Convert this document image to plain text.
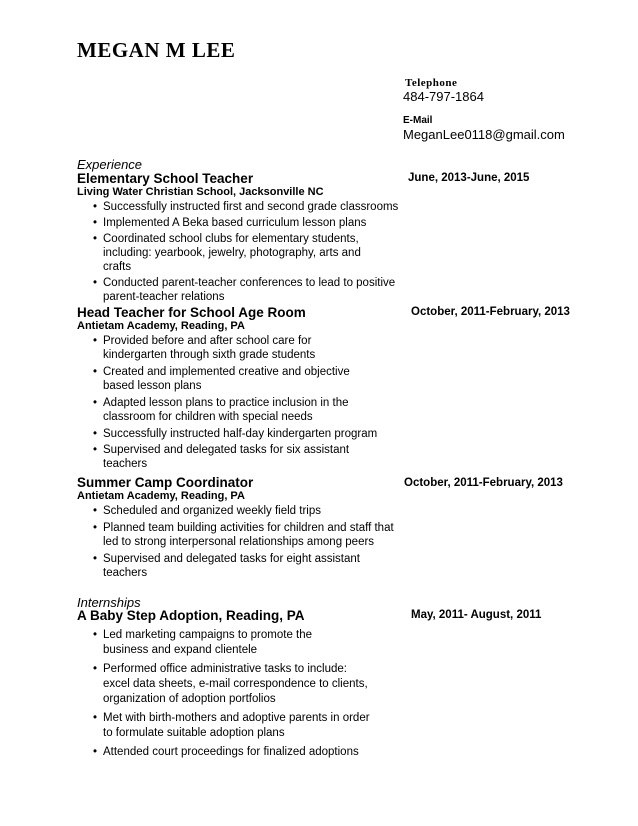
MEGAN M LEE
Telephone
484-797-1864
E-Mail
MeganLee0118@gmail.com
Experience
Elementary School Teacher	June, 2013-June, 2015
Living Water Christian School, Jacksonville NC
• Successfully instructed first and second grade classrooms
• Implemented A Beka based curriculum lesson plans
• Coordinated school clubs for elementary students, including: yearbook, jewelry, photography, arts and crafts
• Conducted parent-teacher conferences to lead to positive parent-teacher relations
Head Teacher for School Age Room	October, 2011-February, 2013
Antietam Academy, Reading, PA
• Provided before and after school care for kindergarten through sixth grade students
• Created and implemented creative and objective based lesson plans
• Adapted lesson plans to practice inclusion in the classroom for children with special needs
• Successfully instructed half-day kindergarten program
• Supervised and delegated tasks for six assistant teachers
Summer Camp Coordinator	October, 2011-February, 2013
Antietam Academy, Reading, PA
• Scheduled and organized weekly field trips
• Planned team building activities for children and staff that led to strong interpersonal relationships among peers
• Supervised and delegated tasks for eight assistant teachers
Internships
A Baby Step Adoption, Reading, PA	May, 2011- August, 2011
• Led marketing campaigns to promote the business and expand clientele
• Performed office administrative tasks to include: excel data sheets, e-mail correspondence to clients, organization of adoption portfolios
• Met with birth-mothers and adoptive parents in order to formulate suitable adoption plans
• Attended court proceedings for finalized adoptions
